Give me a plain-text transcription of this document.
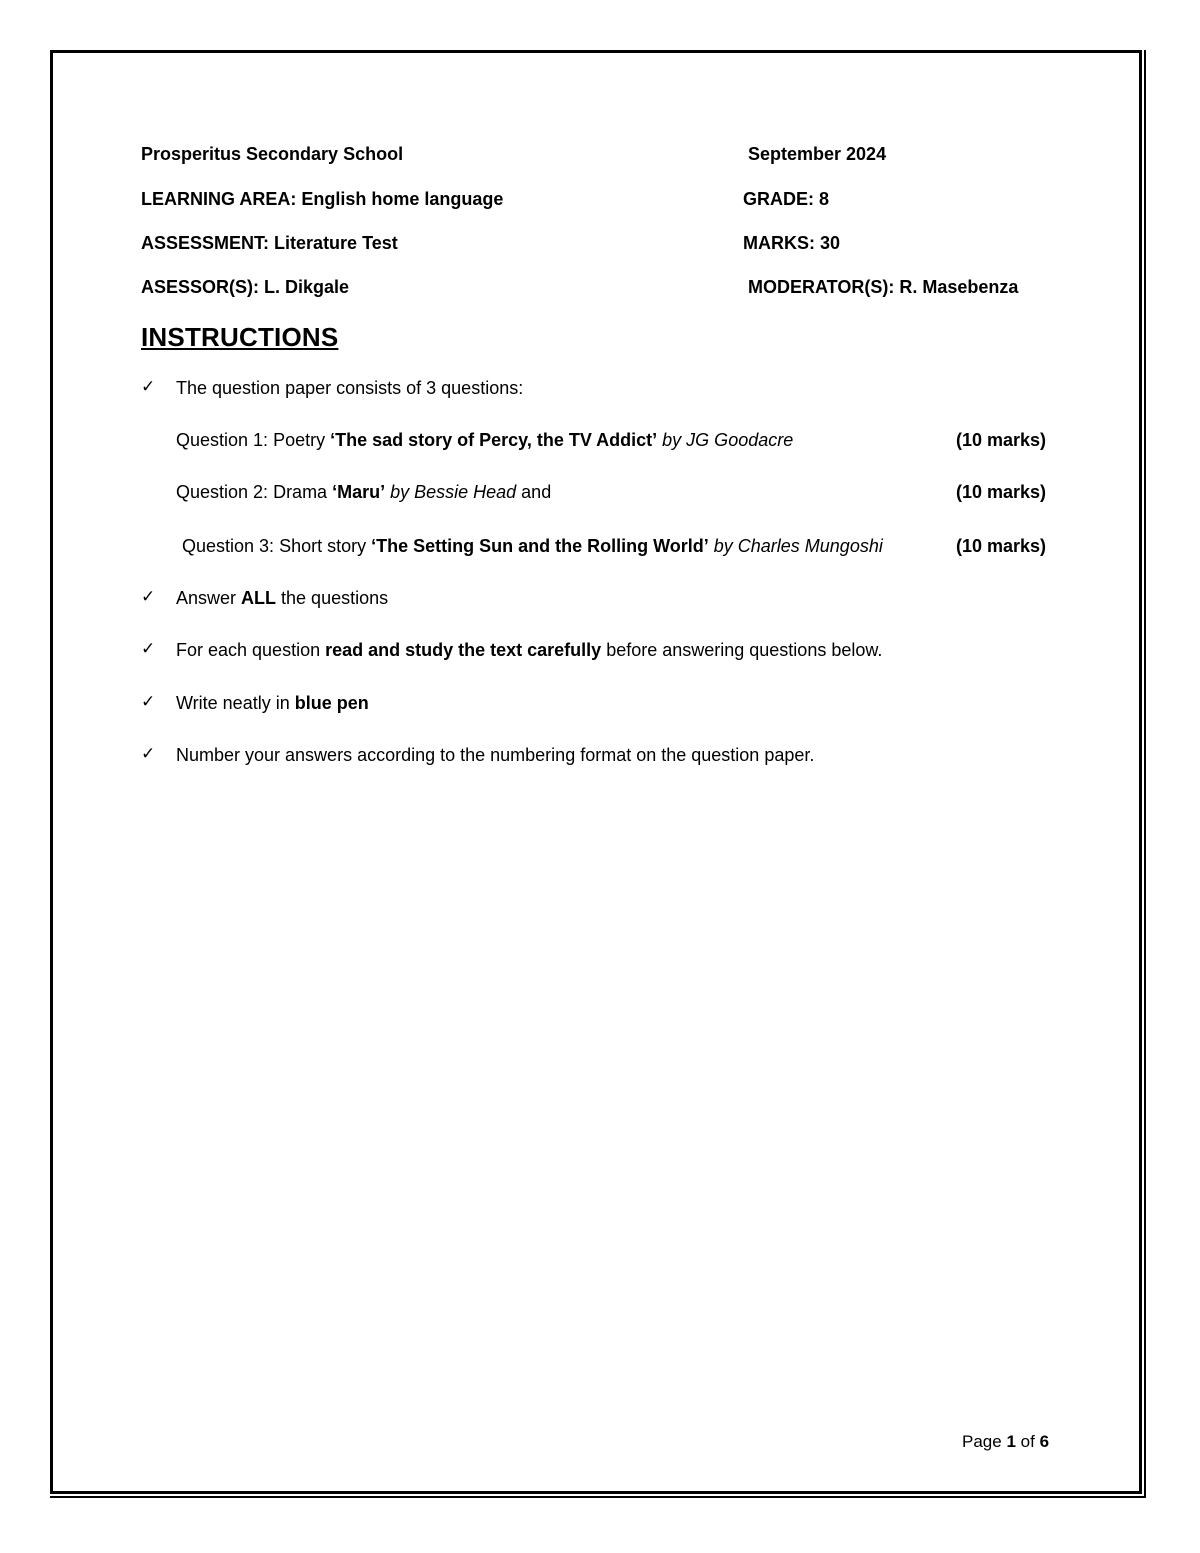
Prosperitus Secondary School	September 2024
LEARNING AREA: English home language	GRADE: 8
ASSESSMENT: Literature Test	MARKS: 30
ASESSOR(S): L. Dikgale	MODERATOR(S): R. Masebenza
INSTRUCTIONS
✓ The question paper consists of 3 questions:
Question 1: Poetry ‘The sad story of Percy, the TV Addict’ by JG Goodacre	(10 marks)
Question 2: Drama ‘Maru’ by Bessie Head and	(10 marks)
Question 3: Short story ‘The Setting Sun and the Rolling World’ by Charles Mungoshi	(10 marks)
✓ Answer ALL the questions
✓ For each question read and study the text carefully before answering questions below.
✓ Write neatly in blue pen
✓ Number your answers according to the numbering format on the question paper.
Page 1 of 6
